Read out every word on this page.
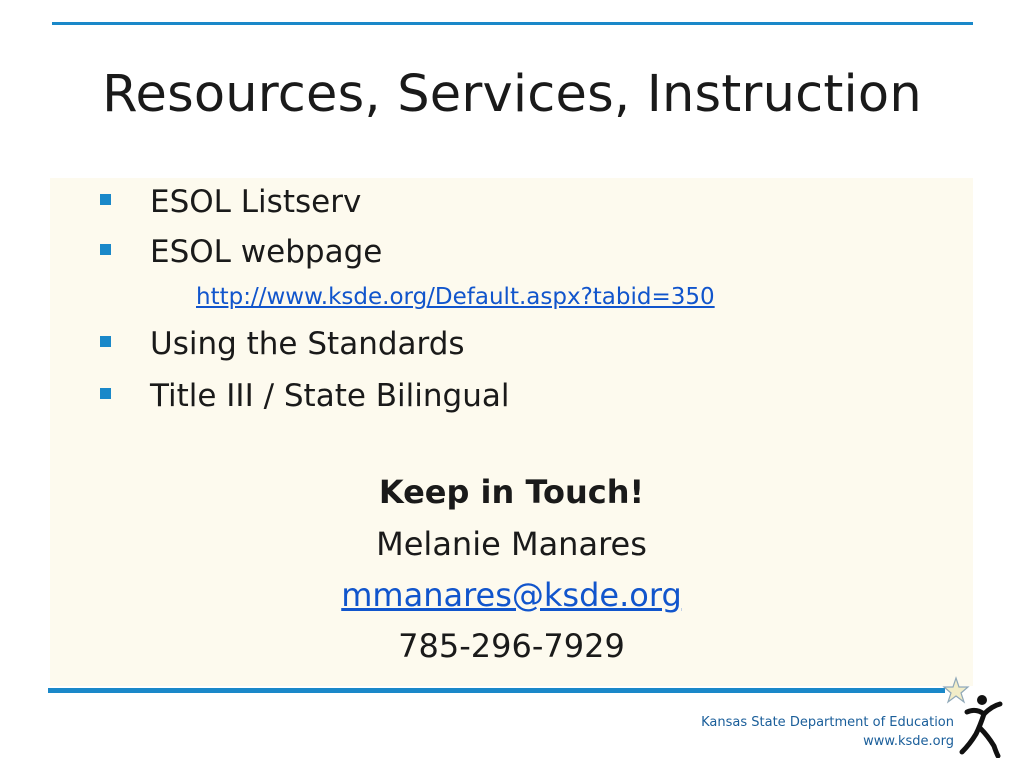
Resources, Services, Instruction
ESOL Listserv
ESOL webpage
Using the Standards
Title III / State Bilingual
http://www.ksde.org/Default.aspx?tabid=350
Keep in Touch!
Melanie Manares
mmanares@ksde.org
785-296-7929
Kansas State Department of Education
www.ksde.org
